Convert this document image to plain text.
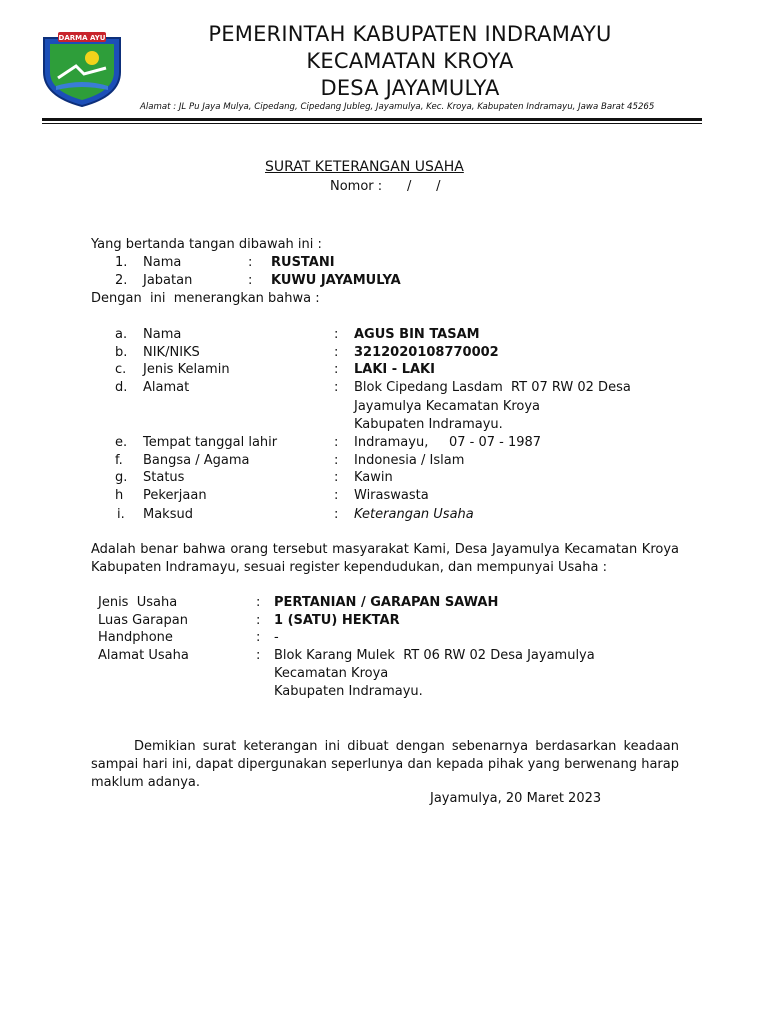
DARMA AYU	PEMERINTAH KABUPATEN INDRAMAYU
KECAMATAN KROYA
DESA JAYAMULYA
Alamat : JL Pu Jaya Mulya, Cipedang, Cipedang Jubleg, Jayamulya, Kec. Kroya, Kabupaten Indramayu, Jawa Barat 45265
SURAT KETERANGAN USAHA
Nomor :      /      /
Yang bertanda tangan dibawah ini :
1. Nama	: RUSTANI
2. Jabatan	: KUWU JAYAMULYA
Dengan  ini  menerangkan bahwa :
a. Nama	: AGUS BIN TASAM
b. NIK/NIKS	: 3212020108770002
c. Jenis Kelamin	: LAKI - LAKI
d. Alamat	: Blok Cipedang Lasdam  RT 07 RW 02 Desa
Jayamulya Kecamatan Kroya
Kabupaten Indramayu.
e. Tempat tanggal lahir	: Indramayu,     07 - 07 - 1987
f. Bangsa / Agama	: Indonesia / Islam
g. Status	: Kawin
h Pekerjaan	: Wiraswasta
i. Maksud	: Keterangan Usaha
Adalah benar bahwa orang tersebut masyarakat Kami, Desa Jayamulya Kecamatan Kroya Kabupaten Indramayu, sesuai register kependudukan, dan mempunyai Usaha :
Jenis  Usaha	: PERTANIAN / GARAPAN SAWAH
Luas Garapan	: 1 (SATU) HEKTAR
Handphone	: -
Alamat Usaha	: Blok Karang Mulek  RT 06 RW 02 Desa Jayamulya
Kecamatan Kroya
Kabupaten Indramayu.
Demikian surat keterangan ini dibuat dengan sebenarnya berdasarkan keadaan sampai hari ini, dapat dipergunakan seperlunya dan kepada pihak yang berwenang harap maklum adanya.
Jayamulya, 20 Maret 2023
